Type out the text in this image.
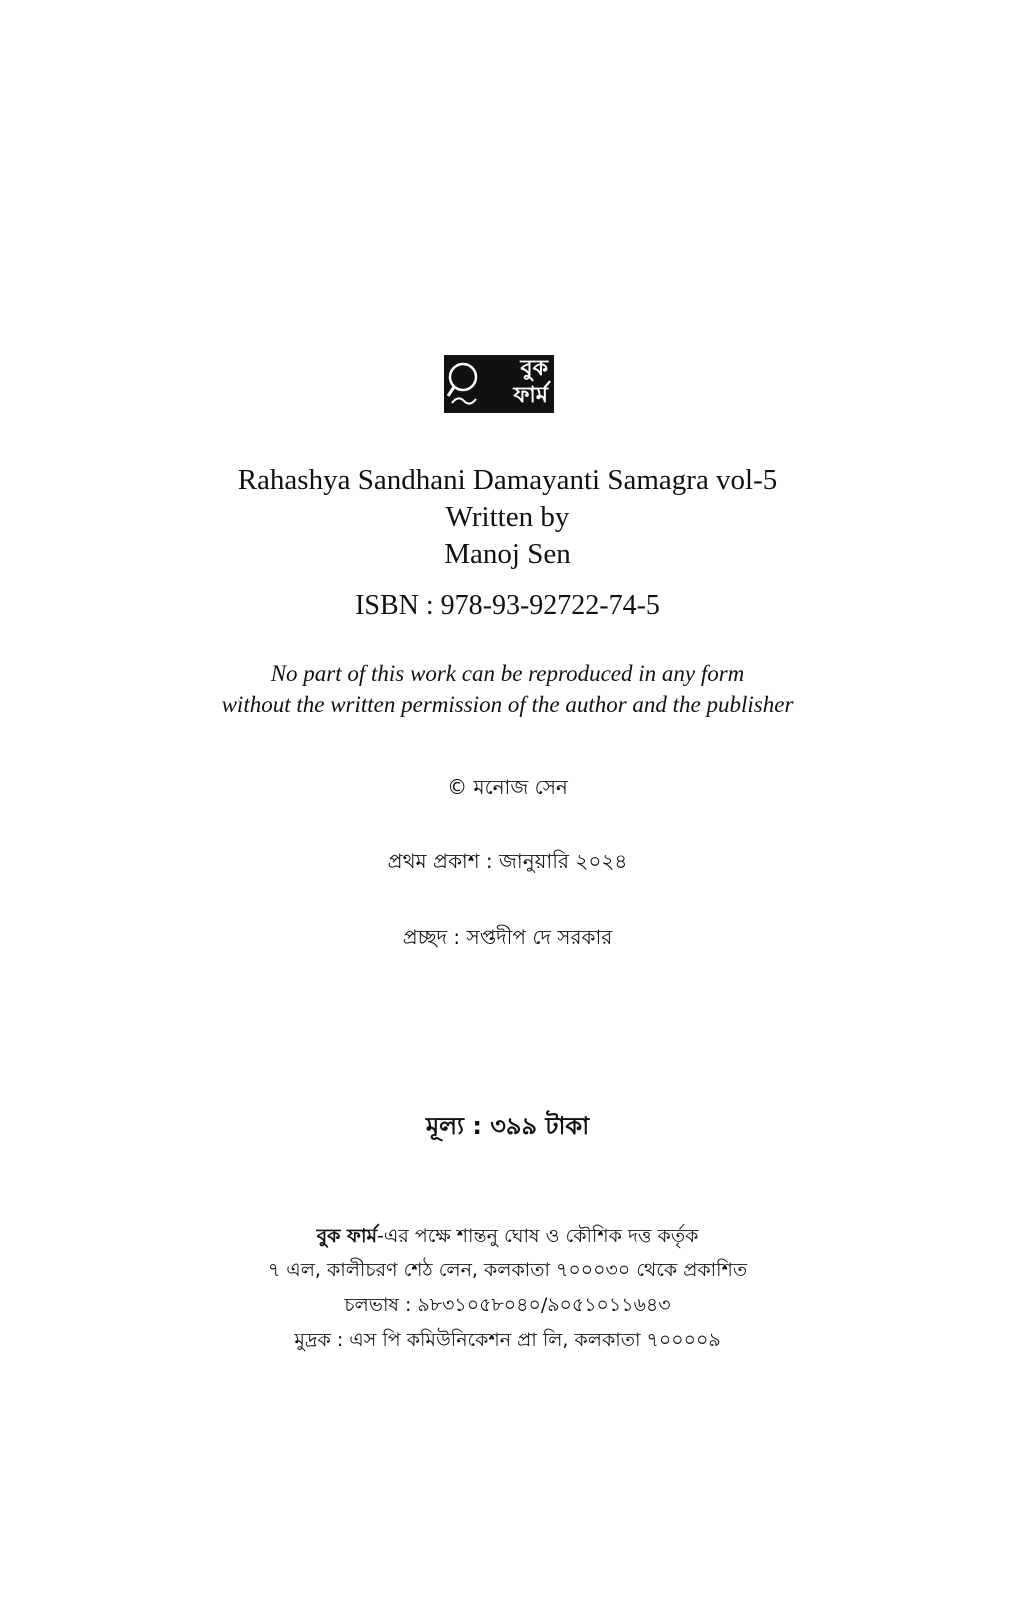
বুক
ফার্ম
Rahashya Sandhani Damayanti Samagra vol-5
Written by
Manoj Sen
ISBN : 978-93-92722-74-5
No part of this work can be reproduced in any form
without the written permission of the author and the publisher
© মনোজ সেন
প্রথম প্রকাশ : জানুয়ারি ২০২৪
প্রচ্ছদ : সপ্তদীপ দে সরকার
মূল্য : ৩৯৯ টাকা
বুক ফার্ম-এর পক্ষে শান্তনু ঘোষ ও কৌশিক দত্ত কর্তৃক
৭ এল, কালীচরণ শেঠ লেন, কলকাতা ৭০০০৩০ থেকে প্রকাশিত
চলভাষ : ৯৮৩১০৫৮০৪০/৯০৫১০১১৬৪৩
মুদ্রক : এস পি কমিউনিকেশন প্রা লি, কলকাতা ৭০০০০৯
